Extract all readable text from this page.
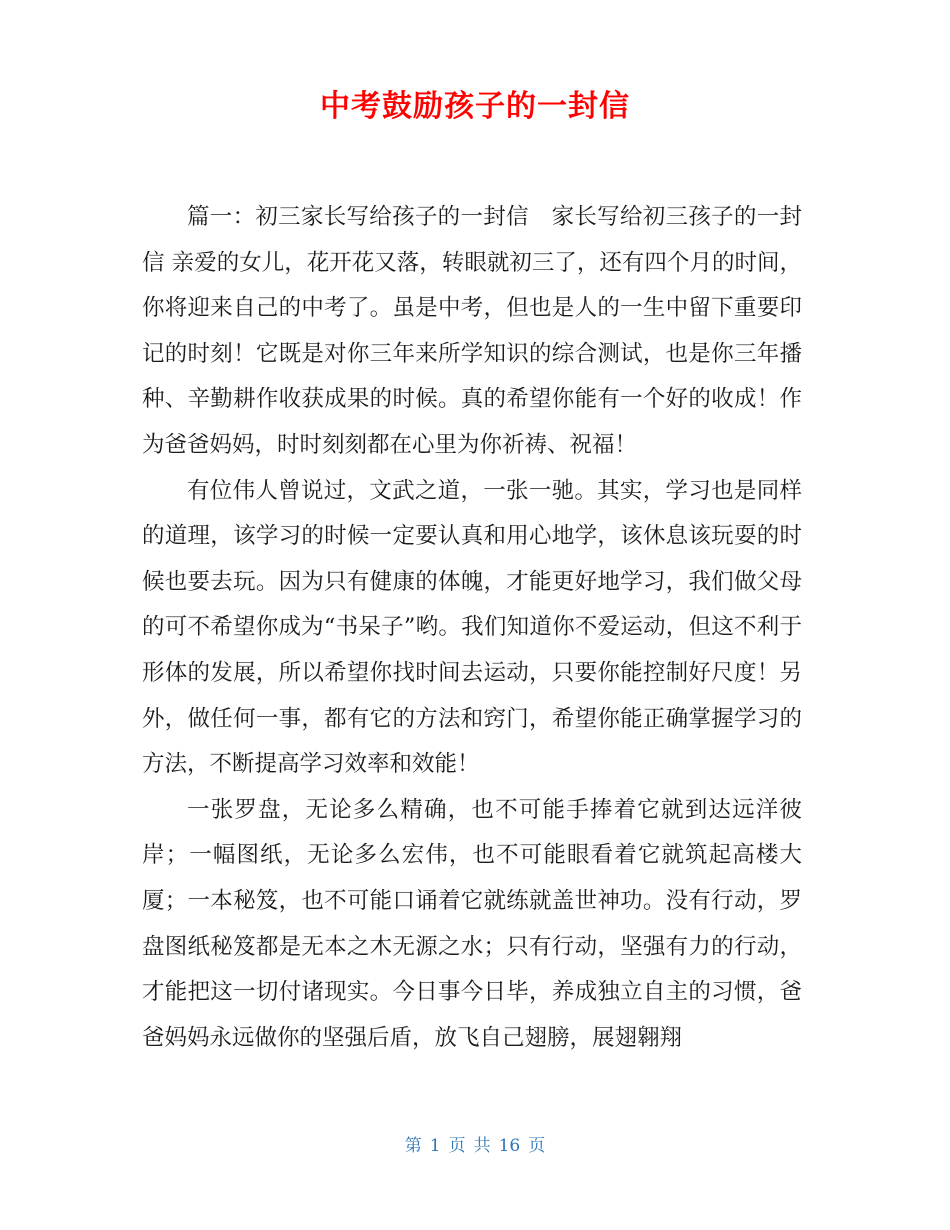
中考鼓励孩子的一封信

篇一：初三家长写给孩子的一封信　家长写给初三孩子的一封信 亲爱的女儿，花开花又落，转眼就初三了，还有四个月的时间，你将迎来自己的中考了。虽是中考，但也是人的一生中留下重要印记的时刻！它既是对你三年来所学知识的综合测试，也是你三年播种、辛勤耕作收获成果的时候。真的希望你能有一个好的收成！作为爸爸妈妈，时时刻刻都在心里为你祈祷、祝福！

有位伟人曾说过，文武之道，一张一驰。其实，学习也是同样的道理，该学习的时候一定要认真和用心地学，该休息该玩耍的时候也要去玩。因为只有健康的体魄，才能更好地学习，我们做父母的可不希望你成为“书呆子”哟。我们知道你不爱运动，但这不利于形体的发展，所以希望你找时间去运动，只要你能控制好尺度！另外，做任何一事，都有它的方法和窍门，希望你能正确掌握学习的方法，不断提高学习效率和效能！

一张罗盘，无论多么精确，也不可能手捧着它就到达远洋彼岸；一幅图纸，无论多么宏伟，也不可能眼看着它就筑起高楼大厦；一本秘笈，也不可能口诵着它就练就盖世神功。没有行动，罗盘图纸秘笈都是无本之木无源之水；只有行动，坚强有力的行动，才能把这一切付诸现实。今日事今日毕，养成独立自主的习惯，爸爸妈妈永远做你的坚强后盾，放飞自己翅膀，展翅翱翔

第 1 页 共 16 页
